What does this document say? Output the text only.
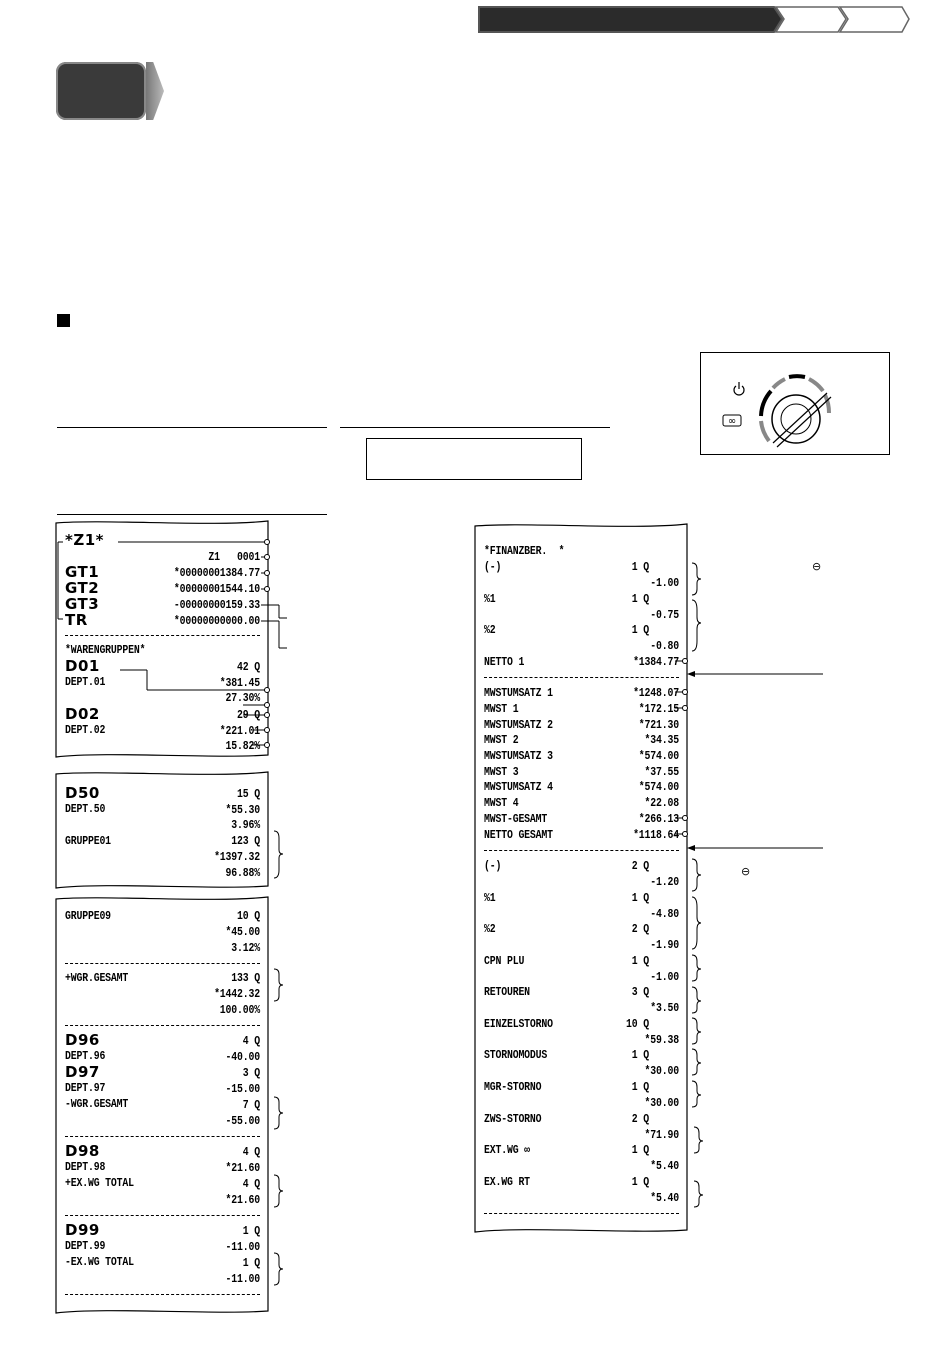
∞
*Z1*
Z1   0001
GT1	*00000001384.77
GT2	*00000001544.10
GT3	-00000000159.33
TR	*00000000000.00
*WARENGRUPPEN*
D01	42 Q
DEPT.01	*381.45
27.30%
D02	29 Q
DEPT.02	*221.01
15.82%
D50	15 Q
DEPT.50	*55.30
3.96%
GRUPPE01	123 Q
*1397.32
96.88%
GRUPPE09	10 Q
*45.00
3.12%
+WGR.GESAMT	133 Q
*1442.32
100.00%
D96	4 Q
DEPT.96	-40.00
D97	3 Q
DEPT.97	-15.00
-WGR.GESAMT	7 Q
-55.00
D98	4 Q
DEPT.98	*21.60
+EX.WG TOTAL	4 Q
*21.60
D99	1 Q
DEPT.99	-11.00
-EX.WG TOTAL	1 Q
-11.00
*FINANZBER.  *
(-)	1 Q
-1.00
%1	1 Q
-0.75
%2	1 Q
-0.80
NETTO 1	*1384.77
MWSTUMSATZ 1	*1248.07
MWST 1	*172.15
MWSTUMSATZ 2	*721.30
MWST 2	*34.35
MWSTUMSATZ 3	*574.00
MWST 3	*37.55
MWSTUMSATZ 4	*574.00
MWST 4	*22.08
MWST-GESAMT	*266.13
NETTO GESAMT	*1118.64
(-)	2 Q
-1.20
%1	1 Q
-4.80
%2	2 Q
-1.90
CPN PLU	1 Q
-1.00
RETOUREN	3 Q
*3.50
EINZELSTORNO	10 Q
*59.38
STORNOMODUS	1 Q
*30.00
MGR-STORNO	1 Q
*30.00
ZWS-STORNO	2 Q
*71.90
EXT.WG ∞	1 Q
*5.40
EX.WG RT	1 Q
*5.40
⊖
⊖
